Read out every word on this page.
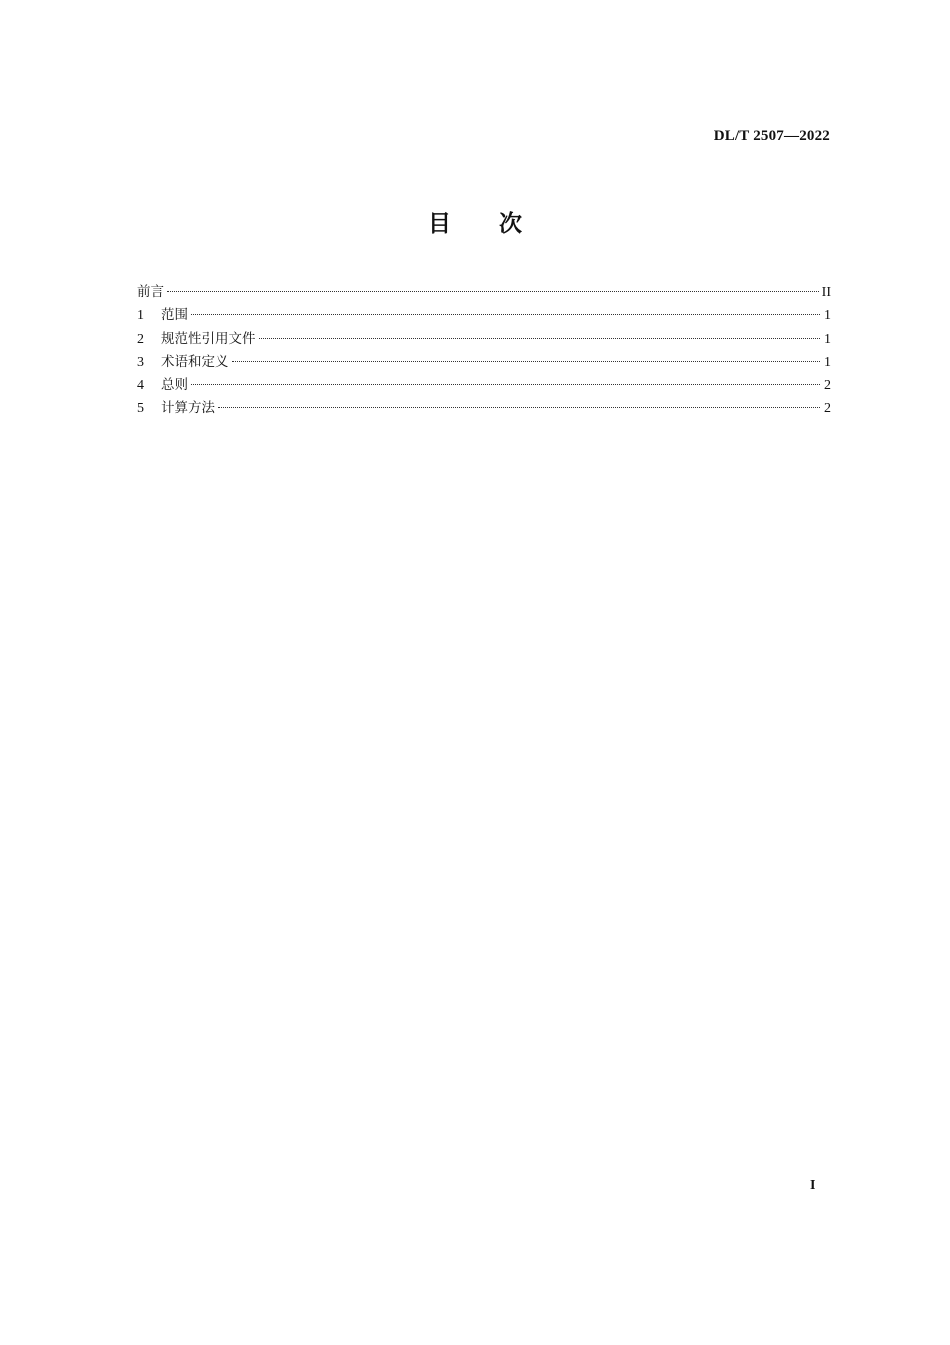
DL/T 2507—2022
目 次
前言	II
1	范围	1
2	规范性引用文件	1
3	术语和定义	1
4	总则	2
5	计算方法	2
I
